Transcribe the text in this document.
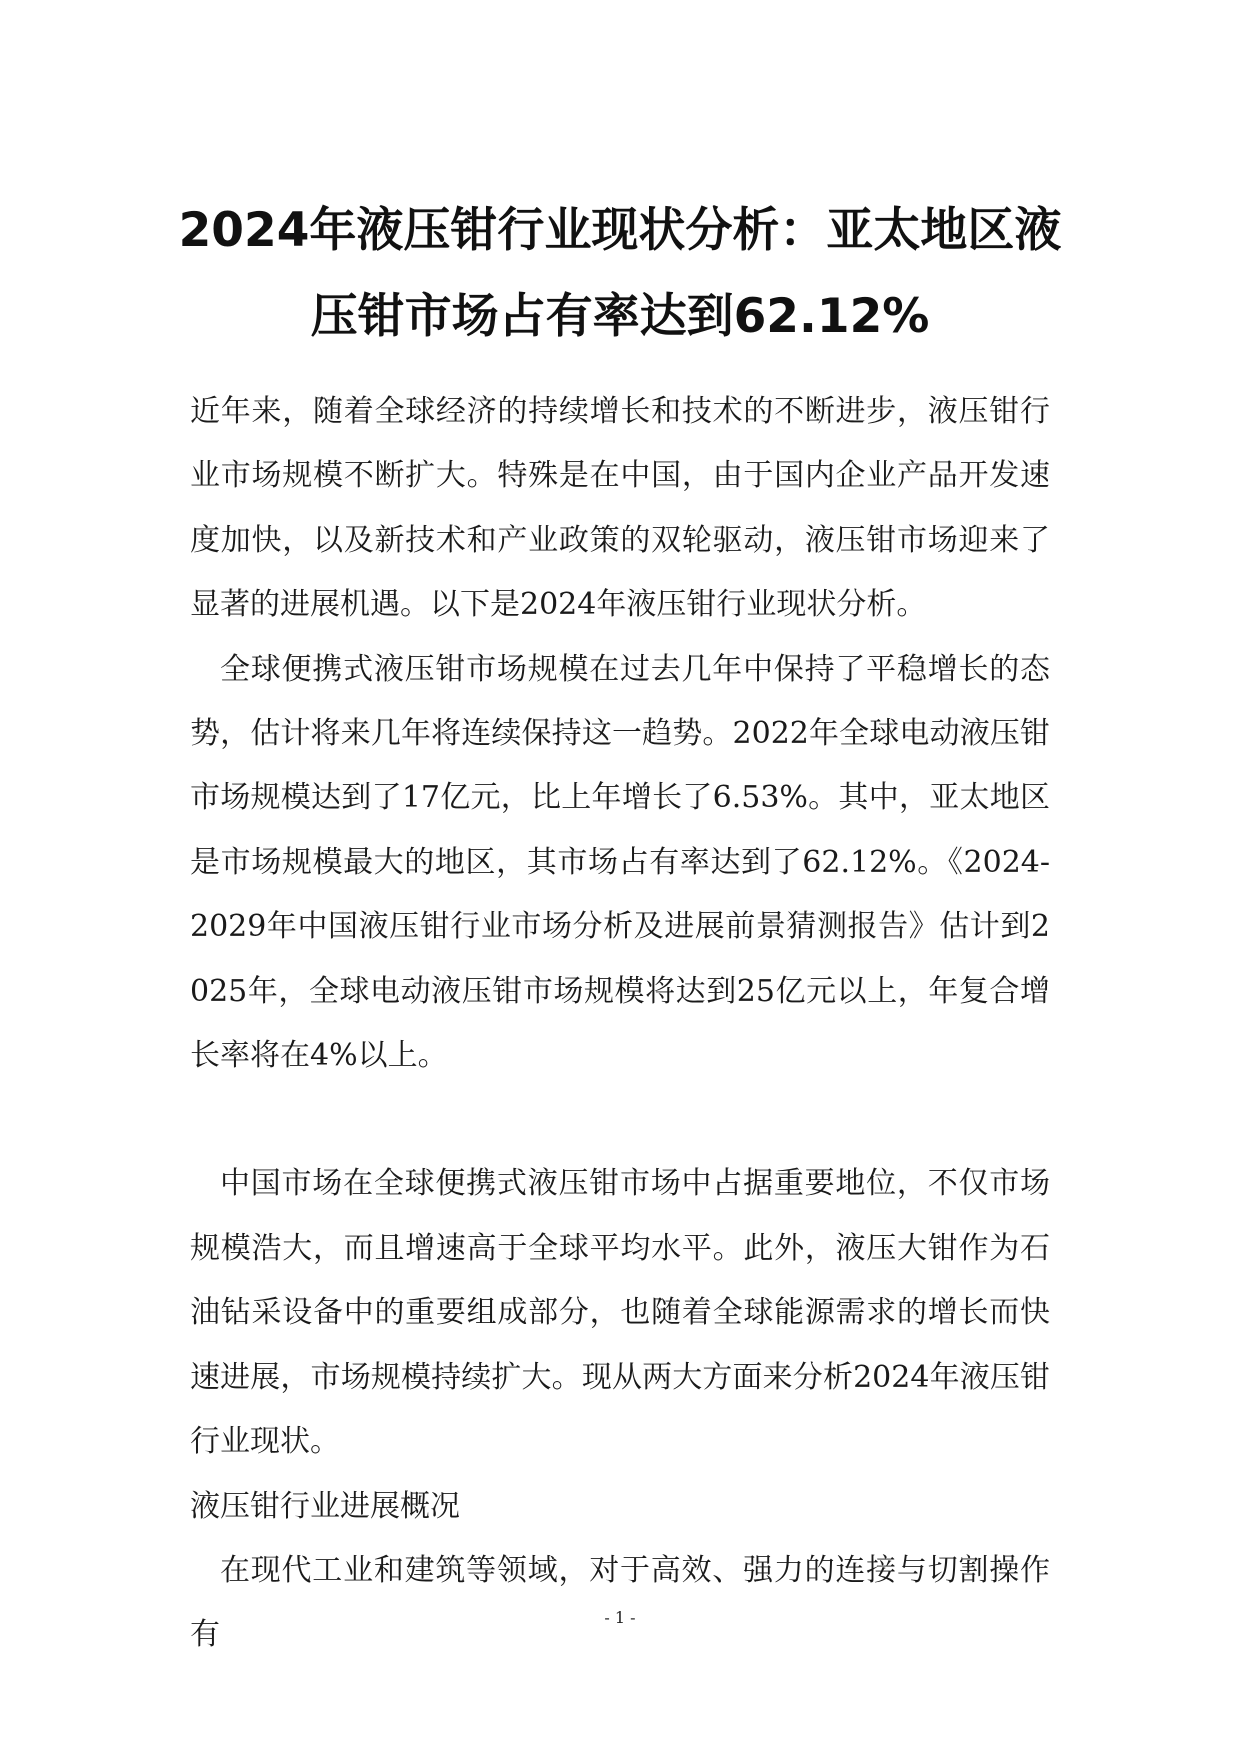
2024年液压钳行业现状分析：亚太地区液
压钳市场占有率达到62.12%

近年来，随着全球经济的持续增长和技术的不断进步，液压钳行业市场规模不断扩大。特殊是在中国，由于国内企业产品开发速度加快，以及新技术和产业政策的双轮驱动，液压钳市场迎来了显著的进展机遇。以下是2024年液压钳行业现状分析。

全球便携式液压钳市场规模在过去几年中保持了平稳增长的态势，估计将来几年将连续保持这一趋势。2022年全球电动液压钳市场规模达到了17亿元，比上年增长了6.53%。其中，亚太地区是市场规模最大的地区，其市场占有率达到了62.12%。《2024-2029年中国液压钳行业市场分析及进展前景猜测报告》估计到2025年，全球电动液压钳市场规模将达到25亿元以上，年复合增长率将在4%以上。

中国市场在全球便携式液压钳市场中占据重要地位，不仅市场规模浩大，而且增速高于全球平均水平。此外，液压大钳作为石油钻采设备中的重要组成部分，也随着全球能源需求的增长而快速进展，市场规模持续扩大。现从两大方面来分析2024年液压钳行业现状。

液压钳行业进展概况

在现代工业和建筑等领域，对于高效、强力的连接与切割操作有	- 1 -
